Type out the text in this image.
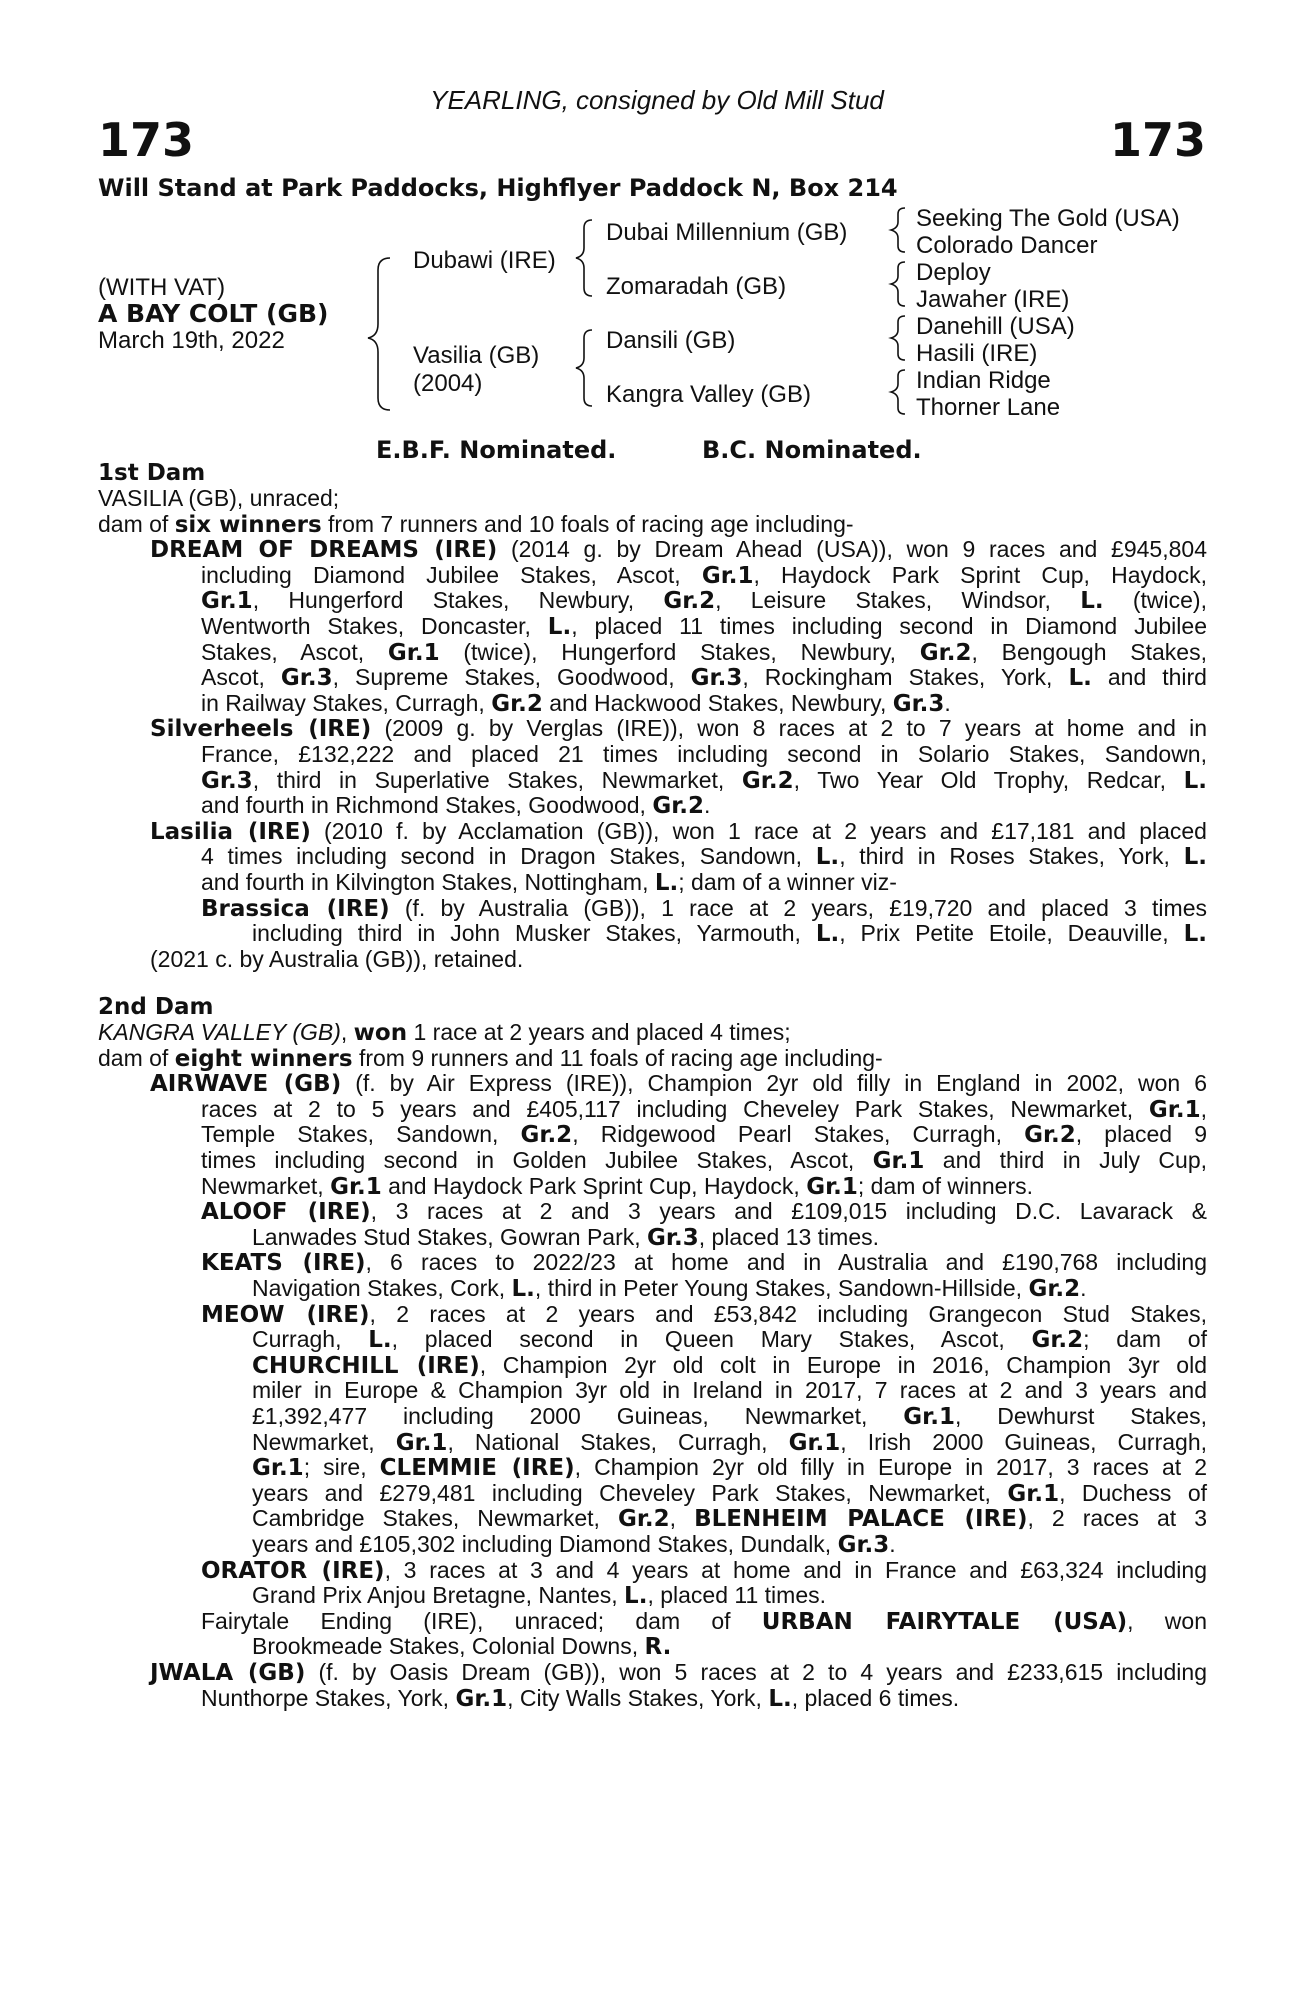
YEARLING, consigned by Old Mill Stud
173	173
Will Stand at Park Paddocks, Highflyer Paddock N, Box 214
(WITH VAT)
A BAY COLT (GB)
March 19th, 2022
Dubawi (IRE)
Vasilia (GB)
(2004)
Dubai Millennium (GB)
Zomaradah (GB)
Dansili (GB)
Kangra Valley (GB)
Seeking The Gold (USA)
Colorado Dancer
Deploy
Jawaher (IRE)
Danehill (USA)
Hasili (IRE)
Indian Ridge
Thorner Lane
E.B.F. Nominated.	B.C. Nominated.
1st Dam
VASILIA (GB), unraced;
dam of six winners from 7 runners and 10 foals of racing age including-
DREAM OF DREAMS (IRE) (2014 g. by Dream Ahead (USA)), won 9 races and £945,804
including Diamond Jubilee Stakes, Ascot, Gr.1, Haydock Park Sprint Cup, Haydock,
Gr.1, Hungerford Stakes, Newbury, Gr.2, Leisure Stakes, Windsor, L. (twice),
Wentworth Stakes, Doncaster, L., placed 11 times including second in Diamond Jubilee
Stakes, Ascot, Gr.1 (twice), Hungerford Stakes, Newbury, Gr.2, Bengough Stakes,
Ascot, Gr.3, Supreme Stakes, Goodwood, Gr.3, Rockingham Stakes, York, L. and third
in Railway Stakes, Curragh, Gr.2 and Hackwood Stakes, Newbury, Gr.3.
Silverheels (IRE) (2009 g. by Verglas (IRE)), won 8 races at 2 to 7 years at home and in
France, £132,222 and placed 21 times including second in Solario Stakes, Sandown,
Gr.3, third in Superlative Stakes, Newmarket, Gr.2, Two Year Old Trophy, Redcar, L.
and fourth in Richmond Stakes, Goodwood, Gr.2.
Lasilia (IRE) (2010 f. by Acclamation (GB)), won 1 race at 2 years and £17,181 and placed
4 times including second in Dragon Stakes, Sandown, L., third in Roses Stakes, York, L.
and fourth in Kilvington Stakes, Nottingham, L.; dam of a winner viz-
Brassica (IRE) (f. by Australia (GB)), 1 race at 2 years, £19,720 and placed 3 times
including third in John Musker Stakes, Yarmouth, L., Prix Petite Etoile, Deauville, L.
(2021 c. by Australia (GB)), retained.
2nd Dam
KANGRA VALLEY (GB), won 1 race at 2 years and placed 4 times;
dam of eight winners from 9 runners and 11 foals of racing age including-
AIRWAVE (GB) (f. by Air Express (IRE)), Champion 2yr old filly in England in 2002, won 6
races at 2 to 5 years and £405,117 including Cheveley Park Stakes, Newmarket, Gr.1,
Temple Stakes, Sandown, Gr.2, Ridgewood Pearl Stakes, Curragh, Gr.2, placed 9
times including second in Golden Jubilee Stakes, Ascot, Gr.1 and third in July Cup,
Newmarket, Gr.1 and Haydock Park Sprint Cup, Haydock, Gr.1; dam of winners.
ALOOF (IRE), 3 races at 2 and 3 years and £109,015 including D.C. Lavarack &
Lanwades Stud Stakes, Gowran Park, Gr.3, placed 13 times.
KEATS (IRE), 6 races to 2022/23 at home and in Australia and £190,768 including
Navigation Stakes, Cork, L., third in Peter Young Stakes, Sandown-Hillside, Gr.2.
MEOW (IRE), 2 races at 2 years and £53,842 including Grangecon Stud Stakes,
Curragh, L., placed second in Queen Mary Stakes, Ascot, Gr.2; dam of
CHURCHILL (IRE), Champion 2yr old colt in Europe in 2016, Champion 3yr old
miler in Europe & Champion 3yr old in Ireland in 2017, 7 races at 2 and 3 years and
£1,392,477 including 2000 Guineas, Newmarket, Gr.1, Dewhurst Stakes,
Newmarket, Gr.1, National Stakes, Curragh, Gr.1, Irish 2000 Guineas, Curragh,
Gr.1; sire, CLEMMIE (IRE), Champion 2yr old filly in Europe in 2017, 3 races at 2
years and £279,481 including Cheveley Park Stakes, Newmarket, Gr.1, Duchess of
Cambridge Stakes, Newmarket, Gr.2, BLENHEIM PALACE (IRE), 2 races at 3
years and £105,302 including Diamond Stakes, Dundalk, Gr.3.
ORATOR (IRE), 3 races at 3 and 4 years at home and in France and £63,324 including
Grand Prix Anjou Bretagne, Nantes, L., placed 11 times.
Fairytale Ending (IRE), unraced; dam of URBAN FAIRYTALE (USA), won
Brookmeade Stakes, Colonial Downs, R.
JWALA (GB) (f. by Oasis Dream (GB)), won 5 races at 2 to 4 years and £233,615 including
Nunthorpe Stakes, York, Gr.1, City Walls Stakes, York, L., placed 6 times.
